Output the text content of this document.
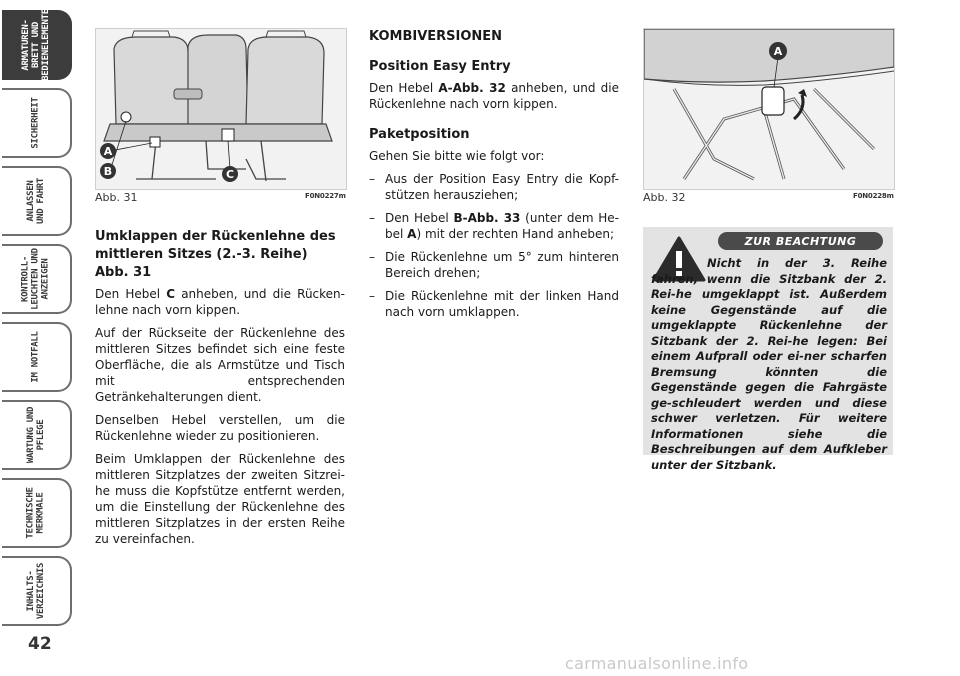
ARMATUREN-
BRETT UND
BEDIENELEMENTE
SICHERHEIT
ANLASSEN
UND FAHRT
KONTROLL-
LEUCHTEN UND
ANZEIGEN
IM NOTFALL
WARTUNG UND
PFLEGE
TECHNISCHE
MERKMALE
INHALTS-
VERZEICHNIS
42
A
B	C
Abb. 31	F0N0227m
A
Abb. 32	F0N0228m
Umklappen der Rückenlehne des mittleren Sitzes (2.-3. Reihe) Abb. 31

Den Hebel C anheben, und die Rücken-lehne nach vorn kippen.

Auf der Rückseite der Rückenlehne des mittleren Sitzes befindet sich eine feste Oberfläche, die als Armstütze und Tisch mit entsprechenden Getränkehalterungen dient.

Denselben Hebel verstellen, um die Rückenlehne wieder zu positionieren.

Beim Umklappen der Rückenlehne des mittleren Sitzplatzes der zweiten Sitzrei-he muss die Kopfstütze entfernt werden, um die Einstellung der Rückenlehne des mittleren Sitzplatzes in der ersten Reihe zu vereinfachen.

KOMBIVERSIONEN
Position Easy Entry

Den Hebel A-Abb. 32 anheben, und die Rückenlehne nach vorn kippen.

Paketposition

Gehen Sie bitte wie folgt vor:

– Aus der Position Easy Entry die Kopf-stützen herausziehen;
– Den Hebel B-Abb. 33 (unter dem He-bel A) mit der rechten Hand anheben;
– Die Rückenlehne um 5° zum hinteren Bereich drehen;
– Die Rückenlehne mit der linken Hand nach vorn umklappen.
ZUR BEACHTUNG
Nicht in der 3. Reihe fahren, wenn die Sitzbank der 2. Rei-he umgeklappt ist. Außerdem keine Gegenstände auf die umgeklappte Rückenlehne der Sitzbank der 2. Rei-he legen: Bei einem Aufprall oder ei-ner scharfen Bremsung könnten die Gegenstände gegen die Fahrgäste ge-schleudert werden und diese schwer verletzen. Für weitere Informationen siehe die Beschreibungen auf dem Aufkleber unter der Sitzbank.
carmanualsonline.info
